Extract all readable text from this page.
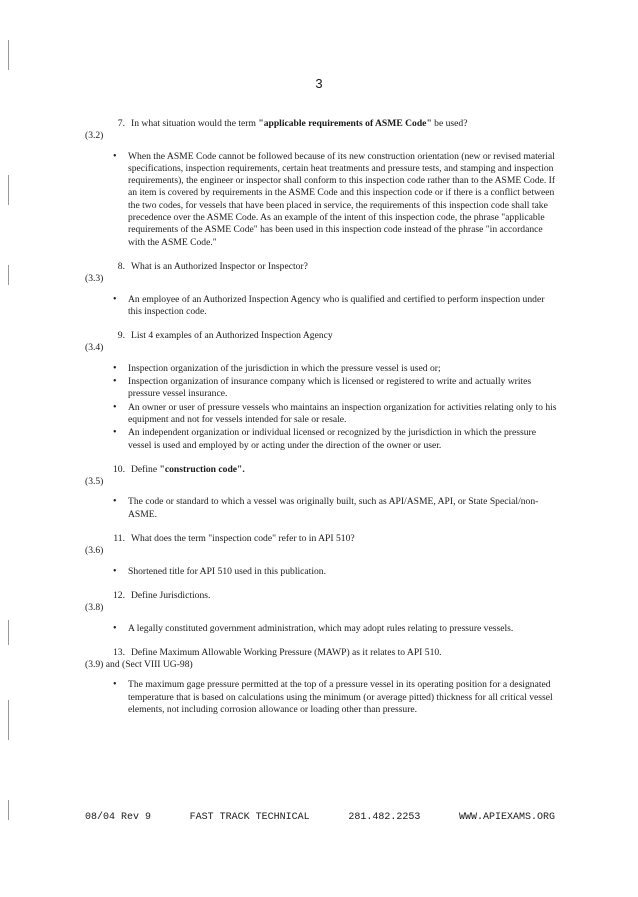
3
7. In what situation would the term "applicable requirements of ASME Code" be used?
(3.2)
• When the ASME Code cannot be followed because of its new construction orientation (new or revised material specifications, inspection requirements, certain heat treatments and pressure tests, and stamping and inspection requirements), the engineer or inspector shall conform to this inspection code rather than to the ASME Code. If an item is covered by requirements in the ASME Code and this inspection code or if there is a conflict between the two codes, for vessels that have been placed in service, the requirements of this inspection code shall take precedence over the ASME Code. As an example of the intent of this inspection code, the phrase "applicable requirements of the ASME Code" has been used in this inspection code instead of the phrase "in accordance with the ASME Code."
8. What is an Authorized Inspector or Inspector?
(3.3)
• An employee of an Authorized Inspection Agency who is qualified and certified to perform inspection under this inspection code.
9. List 4 examples of an Authorized Inspection Agency
(3.4)
• Inspection organization of the jurisdiction in which the pressure vessel is used or;
• Inspection organization of insurance company which is licensed or registered to write and actually writes pressure vessel insurance.
• An owner or user of pressure vessels who maintains an inspection organization for activities relating only to his equipment and not for vessels intended for sale or resale.
• An independent organization or individual licensed or recognized by the jurisdiction in which the pressure vessel is used and employed by or acting under the direction of the owner or user.
10. Define "construction code".
(3.5)
• The code or standard to which a vessel was originally built, such as API/ASME, API, or State Special/non-ASME.
11. What does the term "inspection code" refer to in API 510?
(3.6)
• Shortened title for API 510 used in this publication.
12. Define Jurisdictions.
(3.8)
• A legally constituted government administration, which may adopt rules relating to pressure vessels.
13. Define Maximum Allowable Working Pressure (MAWP) as it relates to API 510.
(3.9) and (Sect VIII UG-98)
• The maximum gage pressure permitted at the top of a pressure vessel in its operating position for a designated temperature that is based on calculations using the minimum (or average pitted) thickness for all critical vessel elements, not including corrosion allowance or loading other than pressure.
08/04 Rev 9	FAST TRACK TECHNICAL	281.482.2253	WWW.APIEXAMS.ORG
